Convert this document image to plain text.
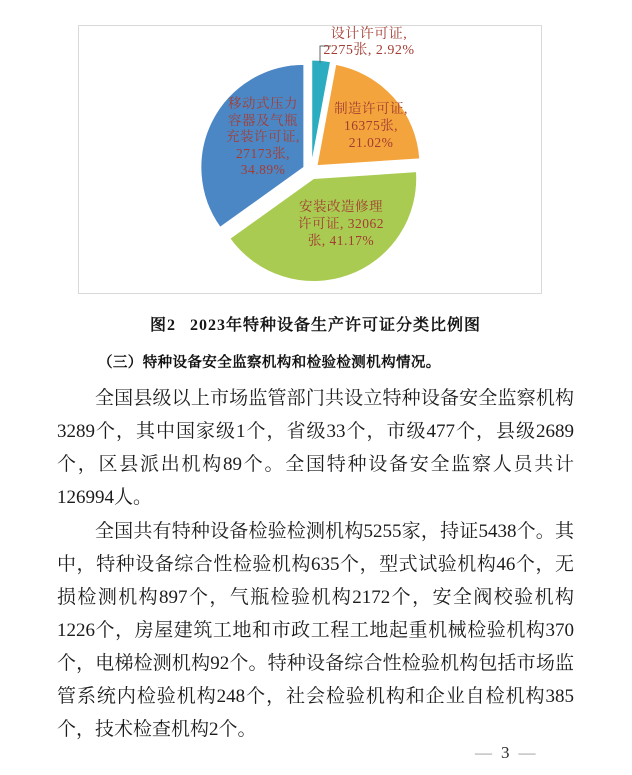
设计许可证,
2275张, 2.92%
制造许可证,
16375张,
21.02%
安装改造修理
许可证, 32062
张, 41.17%
移动式压力
容器及气瓶
充装许可证,
27173张,
34.89%
图2 2023年特种设备生产许可证分类比例图
（三）特种设备安全监察机构和检验检测机构情况。

全国县级以上市场监管部门共设立特种设备安全监察机构3289个，其中国家级1个，省级33个，市级477个，县级2689个，区县派出机构89个。全国特种设备安全监察人员共计126994人。

全国共有特种设备检验检测机构5255家，持证5438个。其中，特种设备综合性检验机构635个，型式试验机构46个，无损检测机构897个，气瓶检验机构2172个，安全阀校验机构1226个，房屋建筑工地和市政工程工地起重机械检验机构370个，电梯检测机构92个。特种设备综合性检验机构包括市场监管系统内检验机构248个，社会检验机构和企业自检机构385个，技术检查机构2个。

— 3 —
